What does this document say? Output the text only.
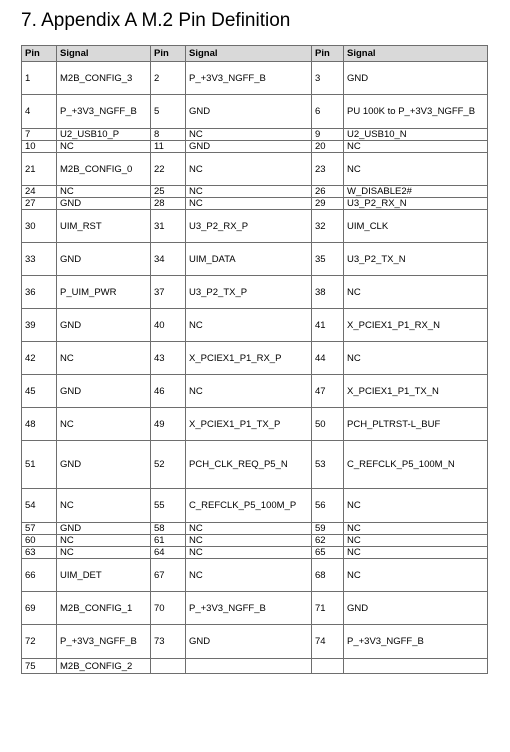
7. Appendix A M.2 Pin Definition
Pin	Signal	Pin	Signal	Pin	Signal
1	M2B_CONFIG_3	2	P_+3V3_NGFF_B	3	GND
4	P_+3V3_NGFF_B	5	GND	6	PU 100K to P_+3V3_NGFF_B
7	U2_USB10_P	8	NC	9	U2_USB10_N
10	NC	11	GND	20	NC
21	M2B_CONFIG_0	22	NC	23	NC
24	NC	25	NC	26	W_DISABLE2#
27	GND	28	NC	29	U3_P2_RX_N
30	UIM_RST	31	U3_P2_RX_P	32	UIM_CLK
33	GND	34	UIM_DATA	35	U3_P2_TX_N
36	P_UIM_PWR	37	U3_P2_TX_P	38	NC
39	GND	40	NC	41	X_PCIEX1_P1_RX_N
42	NC	43	X_PCIEX1_P1_RX_P	44	NC
45	GND	46	NC	47	X_PCIEX1_P1_TX_N
48	NC	49	X_PCIEX1_P1_TX_P	50	PCH_PLTRST-L_BUF
51	GND	52	PCH_CLK_REQ_P5_N	53	C_REFCLK_P5_100M_N
54	NC	55	C_REFCLK_P5_100M_P	56	NC
57	GND	58	NC	59	NC
60	NC	61	NC	62	NC
63	NC	64	NC	65	NC
66	UIM_DET	67	NC	68	NC
69	M2B_CONFIG_1	70	P_+3V3_NGFF_B	71	GND
72	P_+3V3_NGFF_B	73	GND	74	P_+3V3_NGFF_B
75	M2B_CONFIG_2				
